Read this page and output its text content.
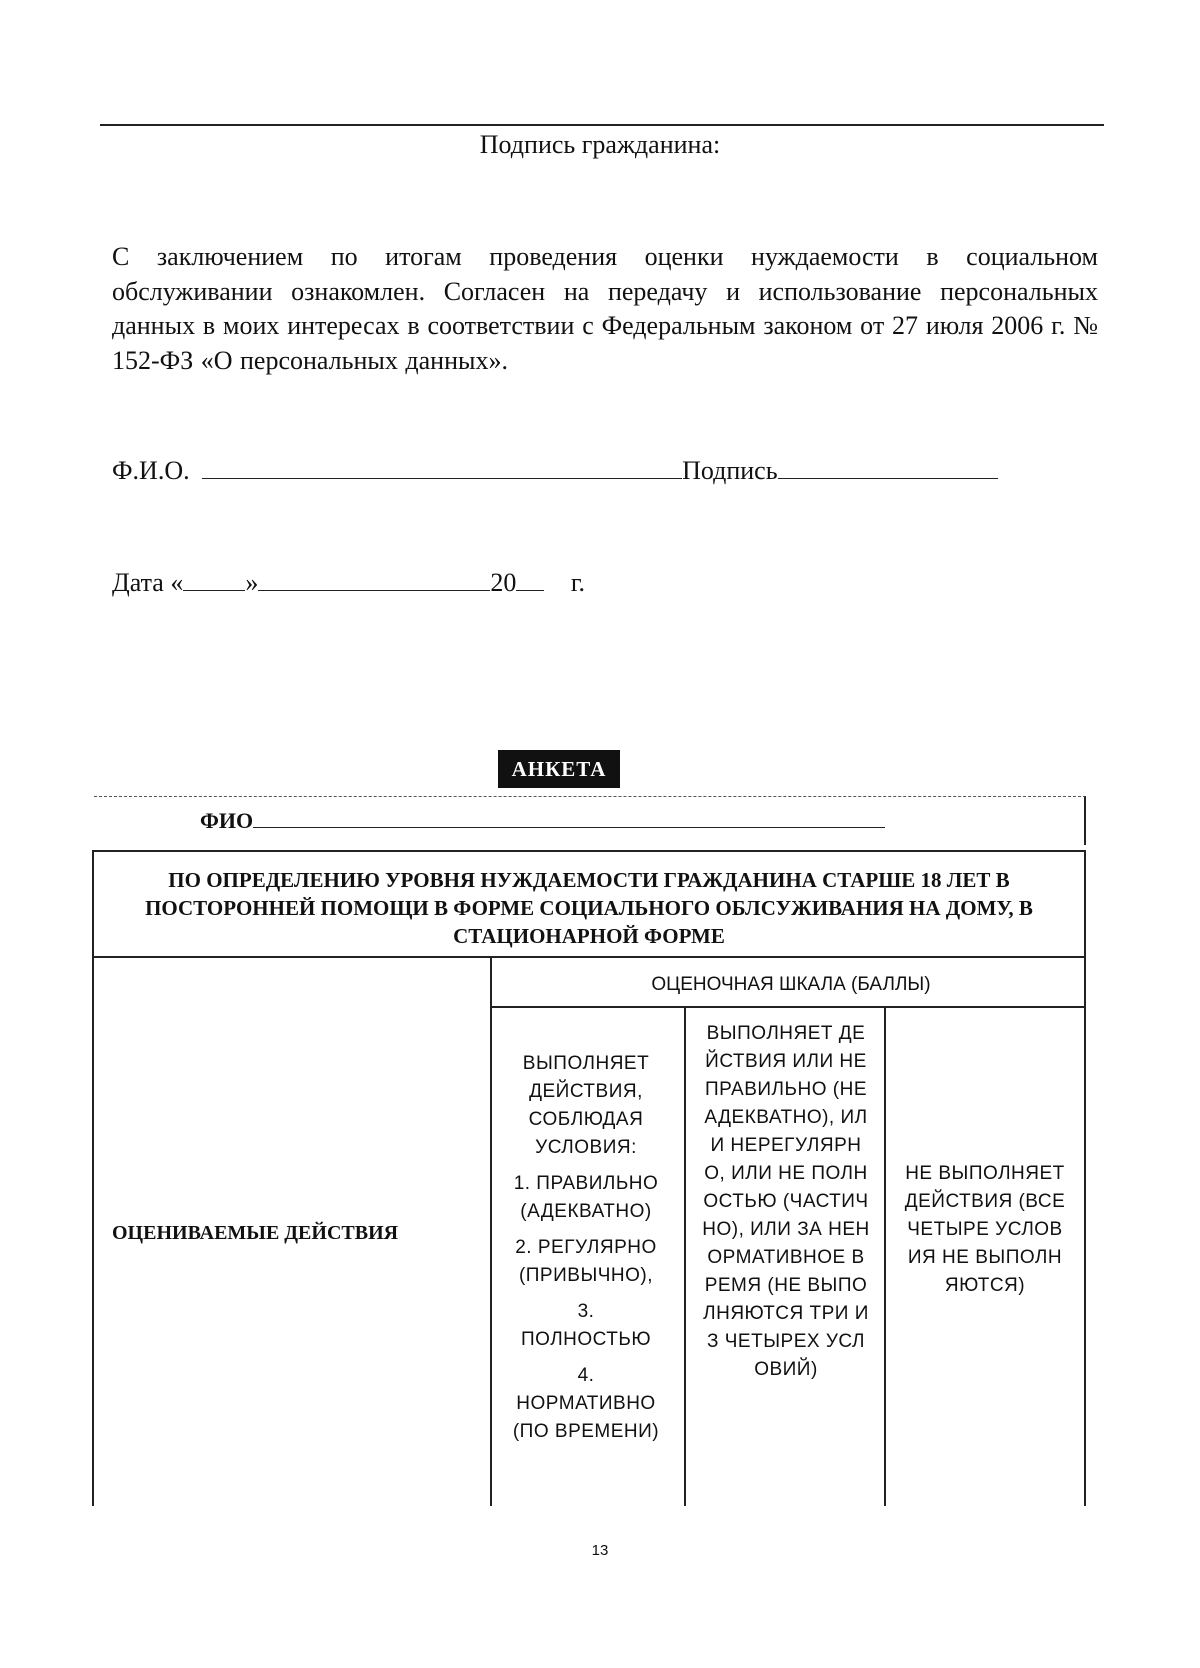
Подпись гражданина:
С заключением по итогам проведения оценки нуждаемости в социальном обслуживании ознакомлен. Согласен на передачу и использование персональных данных в моих интересах в соответствии с Федеральным законом от 27 июля 2006 г. № 152-ФЗ «О персональных данных».
Ф.И.О.	Подпись
Дата « »	20 г.
АНКЕТА
ФИО
ПО ОПРЕДЕЛЕНИЮ УРОВНЯ НУЖДАЕМОСТИ ГРАЖДАНИНА СТАРШЕ 18 ЛЕТ В ПОСТОРОННЕЙ ПОМОЩИ В ФОРМЕ СОЦИАЛЬНОГО ОБЛСУЖИВАНИЯ НА ДОМУ, В СТАЦИОНАРНОЙ ФОРМЕ
ОЦЕНОЧНАЯ ШКАЛА (БАЛЛЫ)
ОЦЕНИВАЕМЫЕ ДЕЙСТВИЯ

ВЫПОЛНЯЕТ ДЕЙСТВИЯ, СОБЛЮДАЯ УСЛОВИЯ:

1. ПРАВИЛЬНО (АДЕКВАТНО)

2. РЕГУЛЯРНО (ПРИВЫЧНО),

3. ПОЛНОСТЬЮ

4. НОРМАТИВНО (ПО ВРЕМЕНИ)

ВЫПОЛНЯЕТ ДЕЙСТВИЯ ИЛИ НЕПРАВИЛЬНО (НЕАДЕКВАТНО), ИЛИ НЕРЕГУЛЯРНО, ИЛИ НЕ ПОЛНОСТЬЮ (ЧАСТИЧНО), ИЛИ ЗА НЕНОРМАТИВНОЕ ВРЕМЯ (НЕ ВЫПОЛНЯЮТСЯ ТРИ ИЗ ЧЕТЫРЕХ УСЛОВИЙ)
НЕ ВЫПОЛНЯЕТ ДЕЙСТВИЯ (ВСЕ ЧЕТЫРЕ УСЛОВИЯ НЕ ВЫПОЛНЯЮТСЯ)
13
